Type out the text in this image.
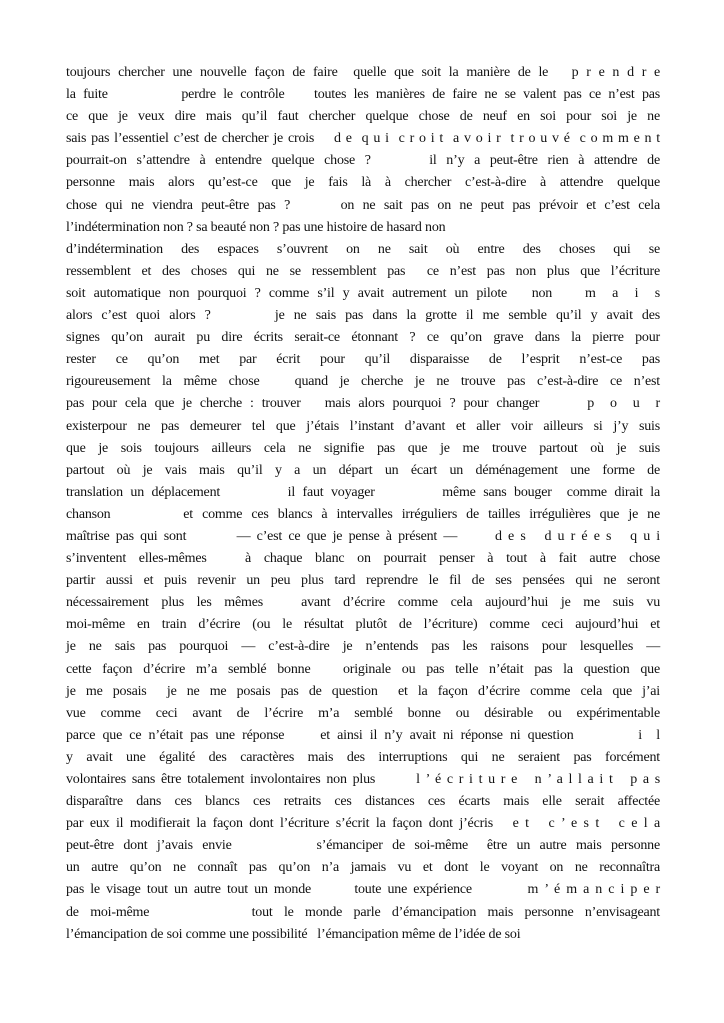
toujours chercher une nouvelle façon de faire  quelle que soit la manière de le   p r e n d r e
la fuite          perdre le contrôle    toutes les manières de faire ne se valent pas ce n’est pas
ce que je veux dire mais qu’il faut chercher quelque chose de neuf en soi pour soi je ne
sais pas l’essentiel c’est de chercher je crois    d e  q u i  c r o i t  a v o i r  t r o u v é  c o m m e n t
pourrait-on s’attendre à entendre quelque chose ?      il n’y a peut-être rien à attendre de
personne mais alors qu’est-ce que je fais là à chercher c’est-à-dire à attendre quelque
chose qui ne viendra peut-être pas ?      on ne sait pas on ne peut pas prévoir et c’est cela
l’indétermination non ? sa beauté non ? pas une histoire de hasard non
d’indétermination des espaces s’ouvrent on ne sait où entre des choses qui se
ressemblent et des choses qui ne se ressemblent pas  ce n’est pas non plus que l’écriture
soit automatique non pourquoi ? comme s’il y avait autrement un pilote   non    m  a  i  s
alors c’est quoi alors ?       je ne sais pas dans la grotte il me semble qu’il y avait des
signes qu’on aurait pu dire écrits serait-ce étonnant ? ce qu’on grave dans la pierre pour
rester ce qu’on met par écrit pour qu’il disparaisse de l’esprit n’est-ce pas
rigoureusement la même chose   quand je cherche je ne trouve pas c’est-à-dire ce n’est
pas pour cela que je cherche : trouver   mais alors pourquoi ? pour changer      p  o  u  r
existerpour ne pas demeurer tel que j’étais l’instant d’avant et aller voir ailleurs si j’y suis
que je sois toujours ailleurs cela ne signifie pas que je me trouve partout où je suis
partout où je vais mais qu’il y a un départ un écart un déménagement une forme de
translation un déplacement         il faut voyager         même sans bouger  comme dirait la
chanson        et comme ces blancs à intervalles irréguliers de tailles irrégulières que je ne
maîtrise pas qui sont        — c’est ce que je pense à présent —      d e s   d u r é e s   q u i
s’inventent elles-mêmes   à chaque blanc on pourrait penser à tout à fait autre chose
partir aussi et puis revenir un peu plus tard reprendre le fil de ses pensées qui ne seront
nécessairement plus les mêmes   avant d’écrire comme cela aujourd’hui je me suis vu
moi-même en train d’écrire (ou le résultat plutôt de l’écriture) comme ceci aujourd’hui et
je ne sais pas pourquoi — c’est-à-dire je n’entends pas les raisons pour lesquelles —
cette façon d’écrire m’a semblé bonne   originale ou pas telle n’était pas la question que
je me posais  je ne me posais pas de question  et la façon d’écrire comme cela que j’ai
vue comme ceci avant de l’écrire m’a semblé bonne ou désirable ou expérimentable
parce que ce n’était pas une réponse     et ainsi il n’y avait ni réponse ni question         i  l
y avait une égalité des caractères mais des interruptions qui ne seraient pas forcément
volontaires sans être totalement involontaires non plus       l ’ é c r i t u r e   n ’ a l l a i t   p a s
disparaître dans ces blancs ces retraits ces distances ces écarts mais elle serait affectée
par eux il modifierait la façon dont l’écriture s’écrit la façon dont j’écris   e t   c ’ e s t   c e l a
peut-être dont j’avais envie         s’émanciper de soi-même  être un autre mais personne
un autre qu’on ne connaît pas qu’on n’a jamais vu et dont le voyant on ne reconnaîtra
pas le visage tout un autre tout un monde       toute une expérience         m ’ é m a n c i p e r
de moi-même         tout le monde parle d’émancipation mais personne n’envisageant
l’émancipation de soi comme une possibilité   l’émancipation même de l’idée de soi
